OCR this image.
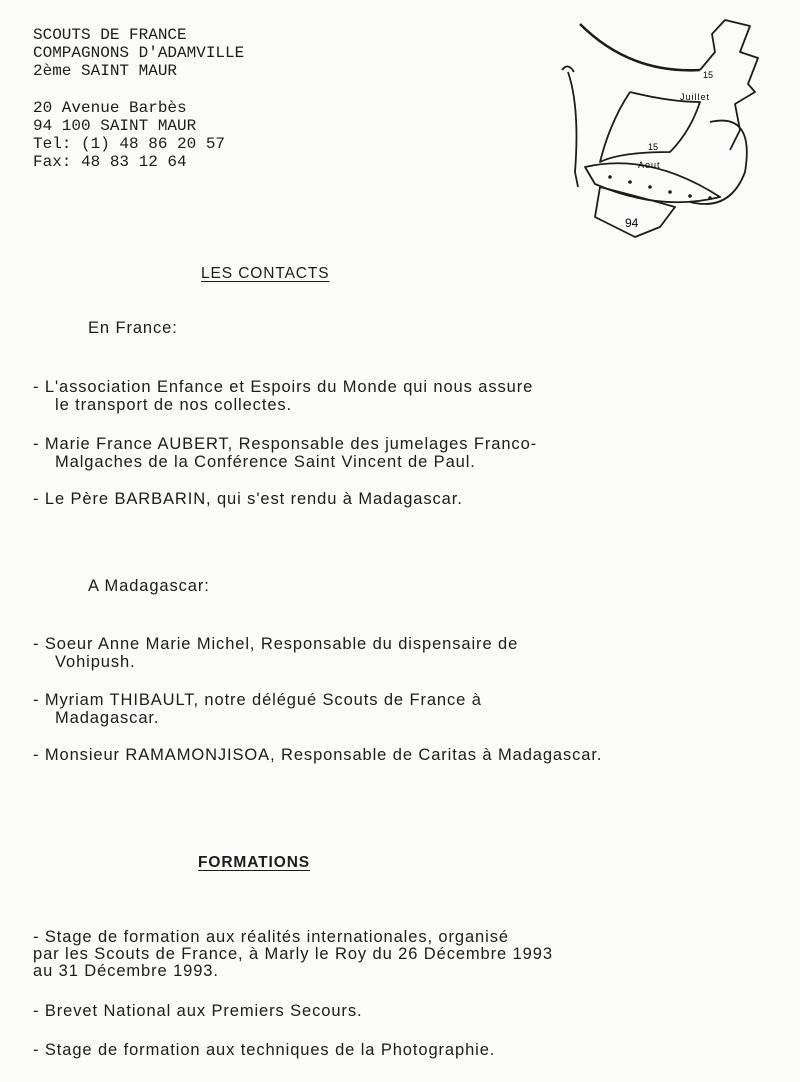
SCOUTS DE FRANCE
COMPAGNONS D'ADAMVILLE
2ème SAINT MAUR
20 Avenue Barbès
94 100 SAINT MAUR
Tel: (1) 48 86 20 57
Fax: 48 83 12 64
15
Juillet
15
Aout
94
LES CONTACTS
En France:
- L'association Enfance et Espoirs du Monde qui nous assure
le transport de nos collectes.
- Marie France AUBERT, Responsable des jumelages Franco-
Malgaches de la Conférence Saint Vincent de Paul.
- Le Père BARBARIN, qui s'est rendu à Madagascar.
A Madagascar:
- Soeur Anne Marie Michel, Responsable du dispensaire de
Vohipush.
- Myriam THIBAULT, notre délégué Scouts de France à
Madagascar.
- Monsieur RAMAMONJISOA, Responsable de Caritas à Madagascar.
FORMATIONS
- Stage de formation aux réalités internationales, organisé
par les Scouts de France, à Marly le Roy du 26 Décembre 1993
au 31 Décembre 1993.
- Brevet National aux Premiers Secours.
- Stage de formation aux techniques de la Photographie.
